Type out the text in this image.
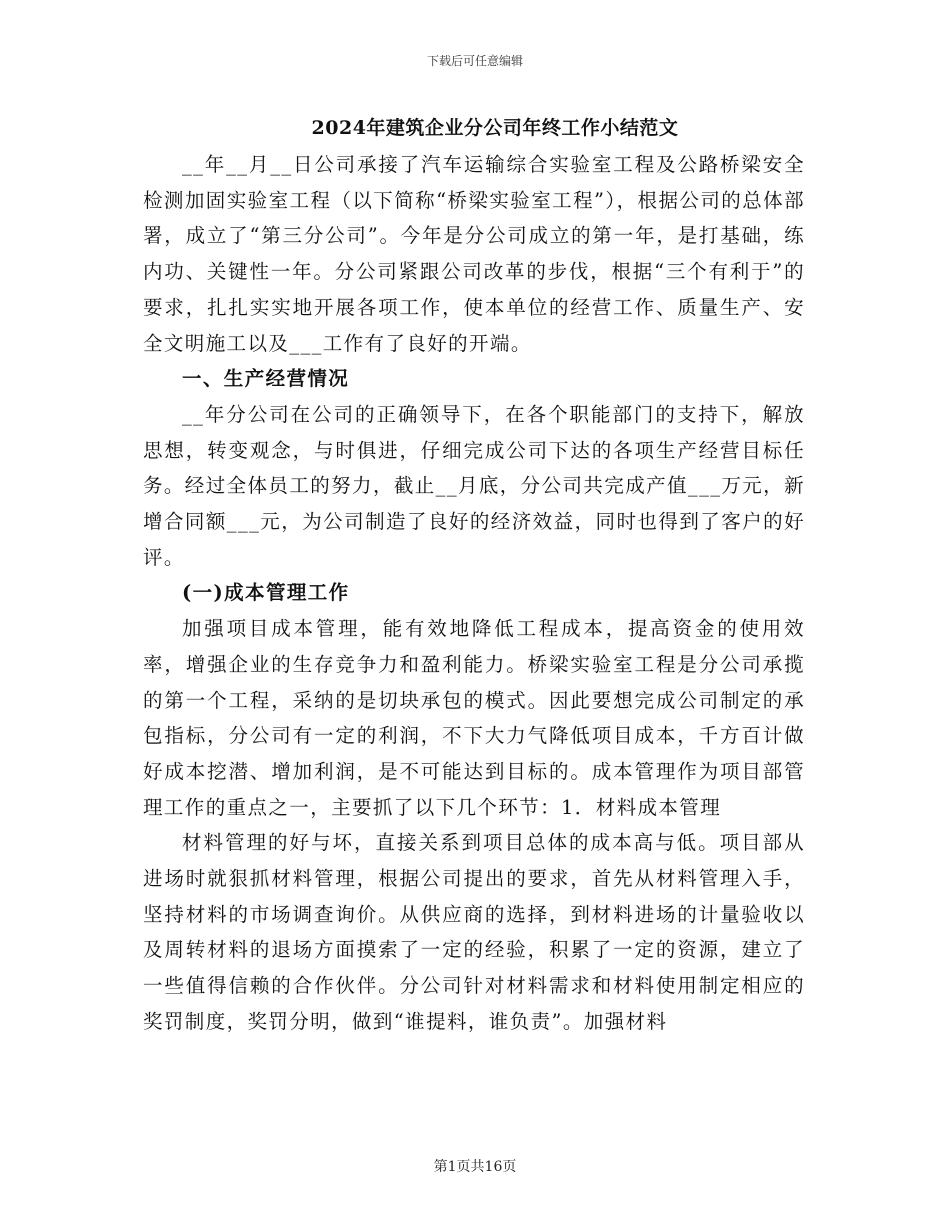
下载后可任意编辑
2024年建筑企业分公司年终工作小结范文

__年__月__日公司承接了汽车运输综合实验室工程及公路桥梁安全检测加固实验室工程（以下简称“桥梁实验室工程”），根据公司的总体部署，成立了“第三分公司”。今年是分公司成立的第一年，是打基础，练内功、关键性一年。分公司紧跟公司改革的步伐，根据“三个有利于”的要求，扎扎实实地开展各项工作，使本单位的经营工作、质量生产、安全文明施工以及___工作有了良好的开端。

一、生产经营情况

__年分公司在公司的正确领导下，在各个职能部门的支持下，解放思想，转变观念，与时俱进，仔细完成公司下达的各项生产经营目标任务。经过全体员工的努力，截止__月底，分公司共完成产值___万元，新增合同额___元，为公司制造了良好的经济效益，同时也得到了客户的好评。

(一)成本管理工作

加强项目成本管理，能有效地降低工程成本，提高资金的使用效率，增强企业的生存竞争力和盈利能力。桥梁实验室工程是分公司承揽的第一个工程，采纳的是切块承包的模式。因此要想完成公司制定的承包指标，分公司有一定的利润，不下大力气降低项目成本，千方百计做好成本挖潜、增加利润，是不可能达到目标的。成本管理作为项目部管理工作的重点之一，主要抓了以下几个环节：1．材料成本管理

材料管理的好与坏，直接关系到项目总体的成本高与低。项目部从进场时就狠抓材料管理，根据公司提出的要求，首先从材料管理入手，坚持材料的市场调查询价。从供应商的选择，到材料进场的计量验收以及周转材料的退场方面摸索了一定的经验，积累了一定的资源，建立了一些值得信赖的合作伙伴。分公司针对材料需求和材料使用制定相应的奖罚制度，奖罚分明，做到“谁提料，谁负责”。加强材料

第1页共16页
